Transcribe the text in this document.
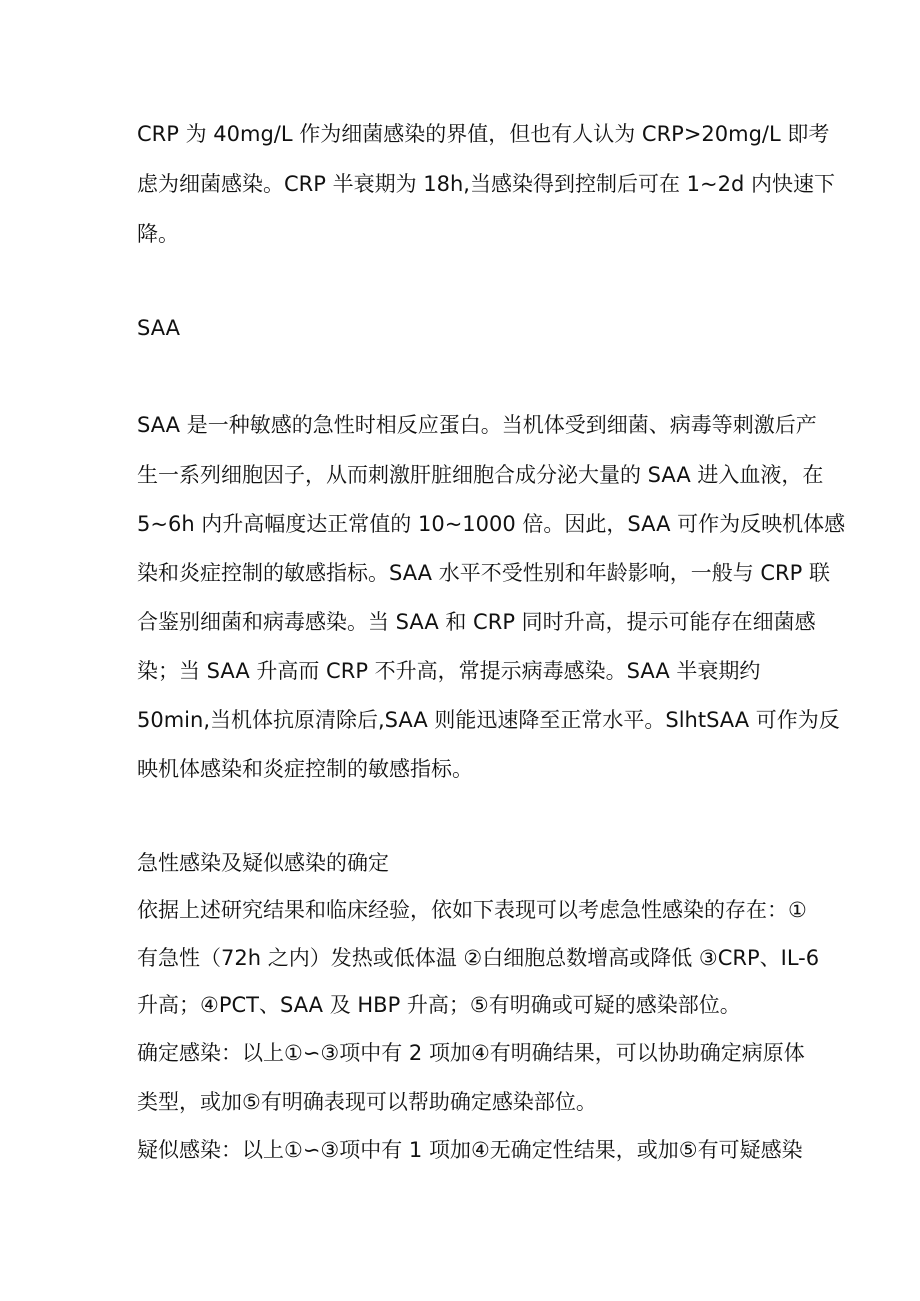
CRP 为 40mg/L 作为细菌感染的界值，但也有人认为 CRP>20mg/L 即考
虑为细菌感染。CRP 半衰期为 18h,当感染得到控制后可在 1~2d 内快速下
降。
SAA
SAA 是一种敏感的急性时相反应蛋白。当机体受到细菌、病毒等刺激后产
生一系列细胞因子，从而刺激肝脏细胞合成分泌大量的 SAA 进入血液，在
5~6h 内升高幅度达正常值的 10~1000 倍。因此，SAA 可作为反映机体感
染和炎症控制的敏感指标。SAA 水平不受性别和年龄影响，一般与 CRP 联
合鉴别细菌和病毒感染。当 SAA 和 CRP 同时升高，提示可能存在细菌感
染；当 SAA 升高而 CRP 不升高，常提示病毒感染。SAA 半衰期约
50min,当机体抗原清除后,SAA 则能迅速降至正常水平。SlhtSAA 可作为反
映机体感染和炎症控制的敏感指标。
急性感染及疑似感染的确定
依据上述研究结果和临床经验，依如下表现可以考虑急性感染的存在：①
有急性（72h 之内）发热或低体温 ②白细胞总数增高或降低 ③CRP、IL-6
升高；④PCT、SAA 及 HBP 升高；⑤有明确或可疑的感染部位。
确定感染：以上①∽③项中有 2 项加④有明确结果，可以协助确定病原体
类型，或加⑤有明确表现可以帮助确定感染部位。
疑似感染：以上①∽③项中有 1 项加④无确定性结果，或加⑤有可疑感染
